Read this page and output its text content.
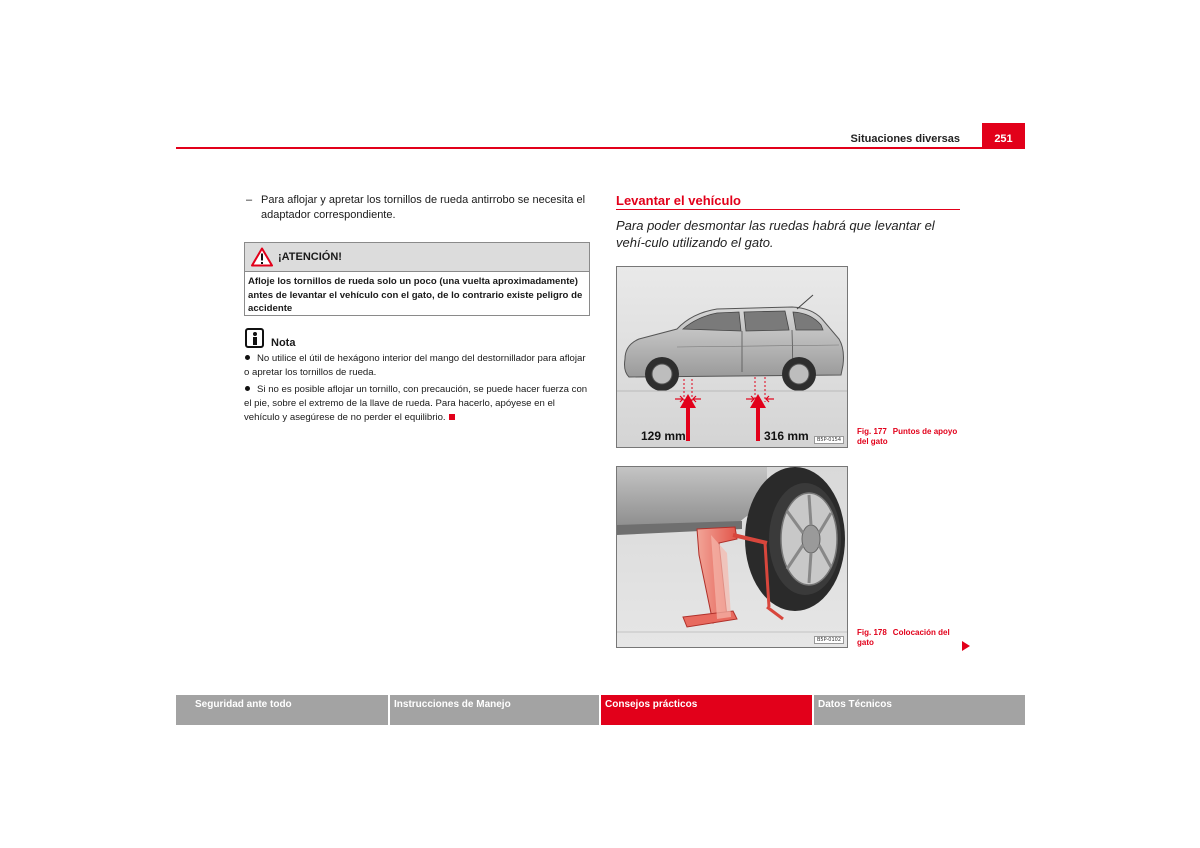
Situaciones diversas	251
– Para aflojar y apretar los tornillos de rueda antirrobo se necesita el adaptador correspondiente.
¡ATENCIÓN!
Afloje los tornillos de rueda solo un poco (una vuelta aproximadamente) antes de levantar el vehículo con el gato, de lo contrario existe peligro de accidente
Nota

No utilice el útil de hexágono interior del mango del destornillador para aflojar o apretar los tornillos de rueda.

Si no es posible aflojar un tornillo, con precaución, se puede hacer fuerza con el pie, sobre el extremo de la llave de rueda. Para hacerlo, apóyese en el vehículo y asegúrese de no perder el equilibrio.

Levantar el vehículo
Para poder desmontar las ruedas habrá que levantar el vehí-culo utilizando el gato.
129 mm	316 mm	B5P-0154
Fig. 177 Puntos de apoyo del gato
B5P-0102
Fig. 178 Colocación del gato
Seguridad ante todo	Instrucciones de Manejo	Consejos prácticos	Datos Técnicos
